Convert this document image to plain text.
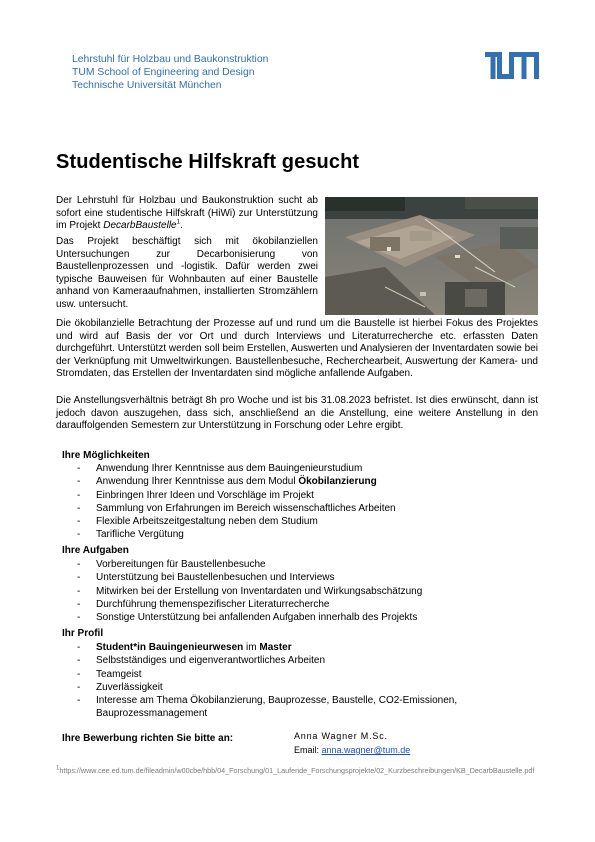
Lehrstuhl für Holzbau und Baukonstruktion
TUM School of Engineering and Design
Technische Universität München
Studentische Hilfskraft gesucht

Der Lehrstuhl für Holzbau und Baukonstruktion sucht ab sofort eine studentische Hilfskraft (HiWi) zur Unterstützung im Projekt DecarbBaustelle$^1$.

Das Projekt beschäftigt sich mit ökobilanziellen Untersuchungen zur Decarbonisierung von Baustellenprozessen und -logistik. Dafür werden zwei typische Bauweisen für Wohnbauten auf einer Baustelle anhand von Kameraaufnahmen, installierten Stromzählern usw. untersucht.

Die ökobilanzielle Betrachtung der Prozesse auf und rund um die Baustelle ist hierbei Fokus des Projektes und wird auf Basis der vor Ort und durch Interviews und Literaturrecherche etc. erfassten Daten durchgeführt. Unterstützt werden soll beim Erstellen, Auswerten und Analysieren der Inventardaten sowie bei der Verknüpfung mit Umweltwirkungen. Baustellenbesuche, Recherchearbeit, Auswertung der Kamera- und Stromdaten, das Erstellen der Inventardaten sind mögliche anfallende Aufgaben.

Die Anstellungsverhältnis beträgt 8h pro Woche und ist bis 31.08.2023 befristet. Ist dies erwünscht, dann ist jedoch davon auszugehen, dass sich, anschließend an die Anstellung, eine weitere Anstellung in den darauffolgenden Semestern zur Unterstützung in Forschung oder Lehre ergibt.

Ihre Möglichkeiten
- Anwendung Ihrer Kenntnisse aus dem Bauingenieurstudium
- Anwendung Ihrer Kenntnisse aus dem Modul Ökobilanzierung
- Einbringen Ihrer Ideen und Vorschläge im Projekt
- Sammlung von Erfahrungen im Bereich wissenschaftliches Arbeiten
- Flexible Arbeitszeitgestaltung neben dem Studium
- Tarifliche Vergütung
Ihre Aufgaben
- Vorbereitungen für Baustellenbesuche
- Unterstützung bei Baustellenbesuchen und Interviews
- Mitwirken bei der Erstellung von Inventardaten und Wirkungsabschätzung
- Durchführung themenspezifischer Literaturrecherche
- Sonstige Unterstützung bei anfallenden Aufgaben innerhalb des Projekts
Ihr Profil
- Student*in Bauingenieurwesen im Master
- Selbstständiges und eigenverantwortliches Arbeiten
- Teamgeist
- Zuverlässigkeit
- Interesse am Thema Ökobilanzierung, Bauprozesse, Baustelle, CO2-Emissionen,
Bauprozessmanagement
Ihre Bewerbung richten Sie bitte an:	Anna Wagner M.Sc.
Email: anna.wagner@tum.de
$^1$https://www.cee.ed.tum.de/fileadmin/w00cbe/hbb/04_Forschung/01_Laufende_Forschungsprojekte/02_Kurzbeschreibungen/KB_DecarbBaustelle.pdf
